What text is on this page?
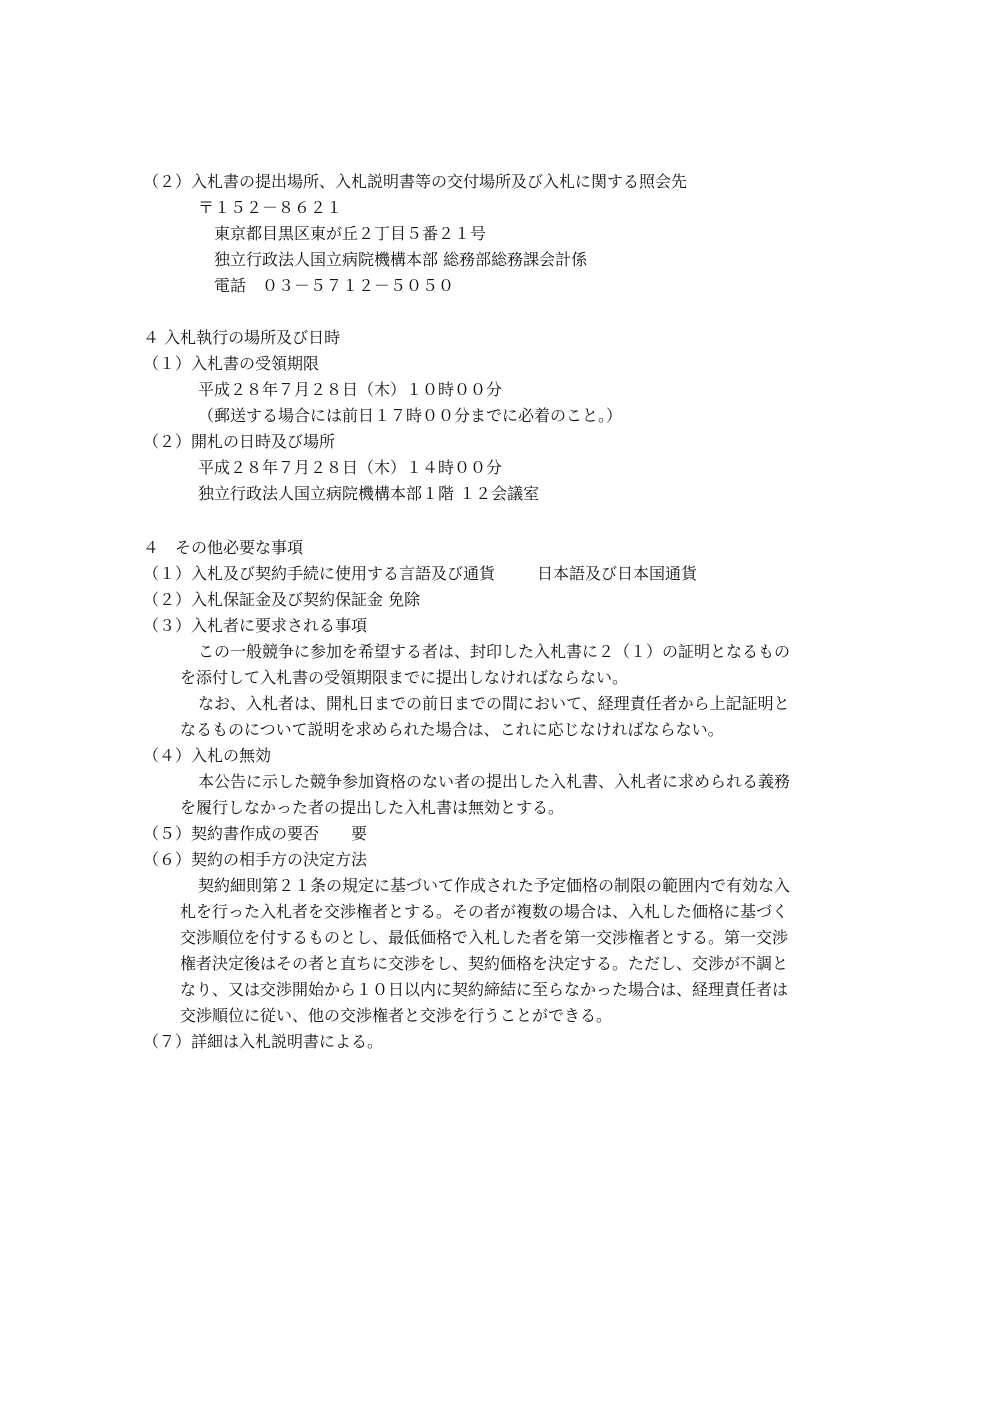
（２）入札書の提出場所、入札説明書等の交付場所及び入札に関する照会先
〒１５２－８６２１
東京都目黒区東が丘２丁目５番２１号
独立行政法人国立病院機構本部 総務部総務課会計係
電話　０３－５７１２－５０５０
４ 入札執行の場所及び日時
（１）入札書の受領期限
平成２８年７月２８日（木）１０時００分
（郵送する場合には前日１７時００分までに必着のこと。）
（２）開札の日時及び場所
平成２８年７月２８日（木）１４時００分
独立行政法人国立病院機構本部１階 １２会議室
４　その他必要な事項
（１）入札及び契約手続に使用する言語及び通貨	日本語及び日本国通貨
（２）入札保証金及び契約保証金 免除
（３）入札者に要求される事項
この一般競争に参加を希望する者は、封印した入札書に２（１）の証明となるもの
を添付して入札書の受領期限までに提出しなければならない。
なお、入札者は、開札日までの前日までの間において、経理責任者から上記証明と
なるものについて説明を求められた場合は、これに応じなければならない。
（４）入札の無効
本公告に示した競争参加資格のない者の提出した入札書、入札者に求められる義務
を履行しなかった者の提出した入札書は無効とする。
（５）契約書作成の要否 要
（６）契約の相手方の決定方法
契約細則第２１条の規定に基づいて作成された予定価格の制限の範囲内で有効な入
札を行った入札者を交渉権者とする。その者が複数の場合は、入札した価格に基づく
交渉順位を付するものとし、最低価格で入札した者を第一交渉権者とする。第一交渉
権者決定後はその者と直ちに交渉をし、契約価格を決定する。ただし、交渉が不調と
なり、又は交渉開始から１０日以内に契約締結に至らなかった場合は、経理責任者は
交渉順位に従い、他の交渉権者と交渉を行うことができる。
（７）詳細は入札説明書による。
